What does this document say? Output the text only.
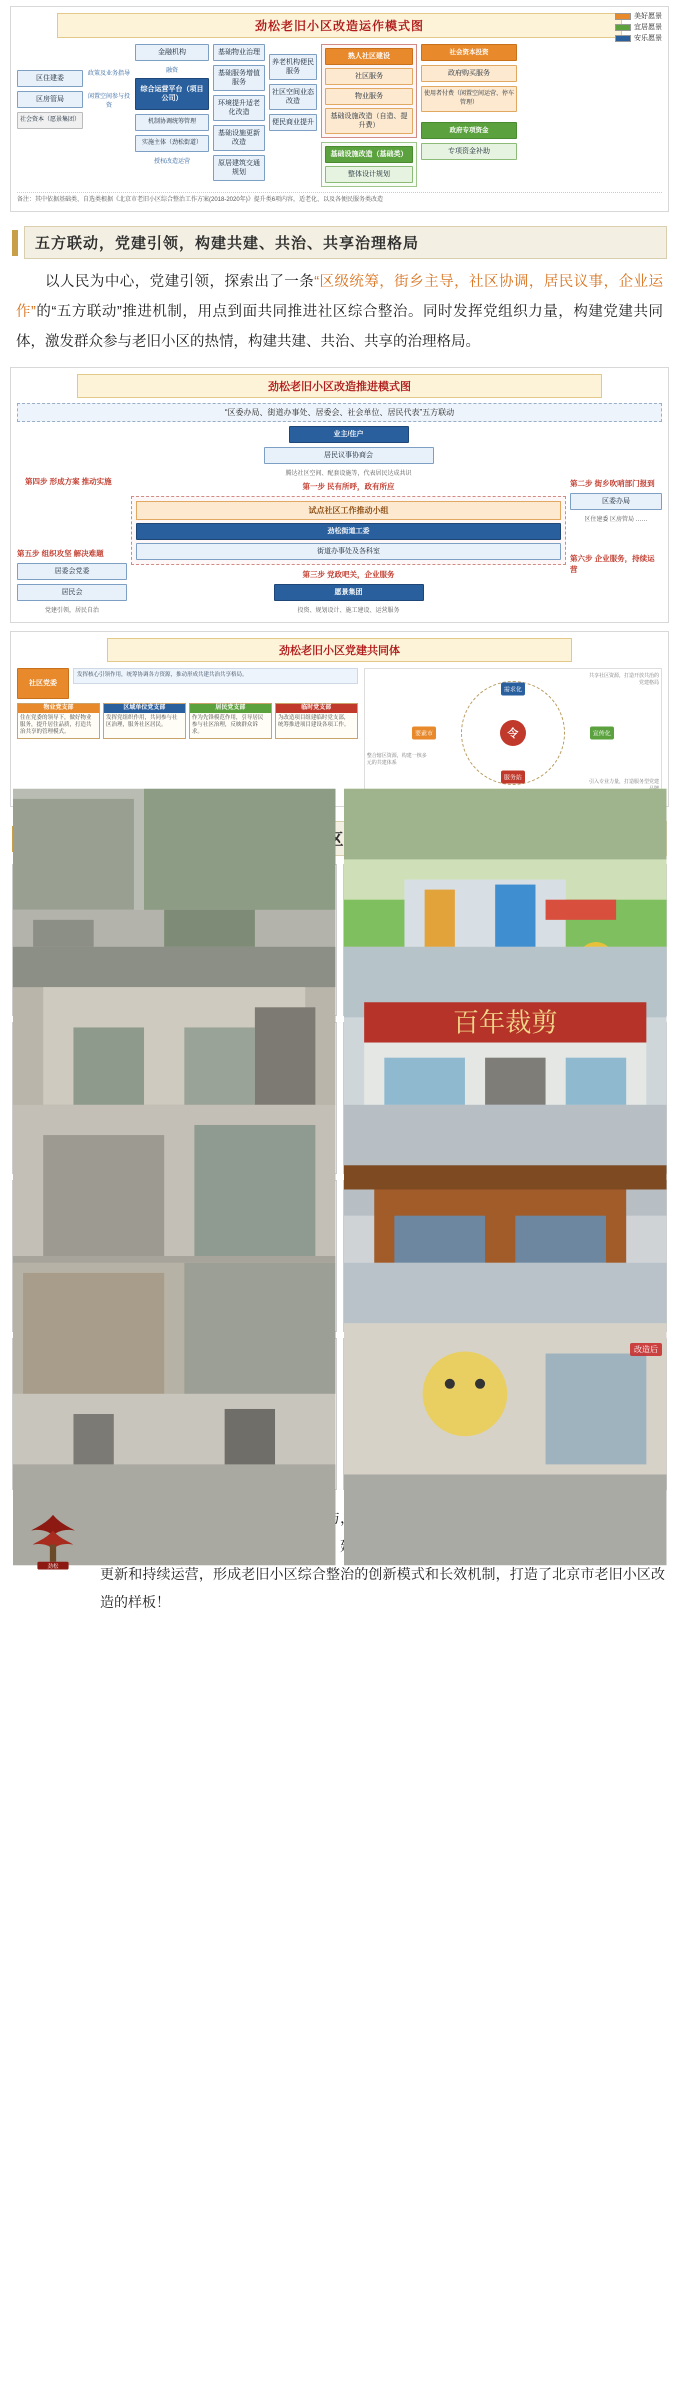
美好愿景
宜居愿景
安乐愿景
劲松老旧小区改造运作模式图
区住建委
区房管局
社会资本（愿景集团）
政策及业务指导
闲置空间参与投资
金融机构
融资
综合运营平台（项目公司）
机制协调统筹管理
实施主体（劲松街道）
授权改造运营
基础物业治理
基础服务增值服务
环境提升适老化改造
基础设施更新改造
原居建筑交通规划
养老机构便民服务
社区空间业态改造
便民商业提升
熟人社区建设
社区服务
物业服务
基础设施改造（自造、提升费）
基础设施改造（基础类）
整体设计规划
社会资本投资
政府购买服务
使用者付费（闲置空间运营、停车管理）
政府专项资金
专项资金补助
备注：其中依据基础类、自选类根据《北京市老旧小区综合整治工作方案(2018-2020年)》提升类6项内容，适老化、以及各便民服务类改造
五方联动，党建引领，构建共建、共治、共享治理格局
以人民为中心，党建引领，探索出了一条“区级统筹，街乡主导，社区协调，居民议事，企业运作”的“五方联动”推进机制，用点到面共同推进社区综合整治。同时发挥党组织力量，构建党建共同体，激发群众参与老旧小区的热情，构建共建、共治、共享的治理格局。
劲松老旧小区改造推进模式图
“区委办局、街道办事处、居委会、社会单位、居民代表”五方联动
第五步 组织攻坚 解决难题
居委会党委
居民会
党建引领，居民自治
业主/住户
居民议事协商会
腾达社区空间、配套设施等，代表居民达成共识
第一步 民有所呼，政有所应
试点社区工作推动小组
劲松街道工委
街道办事处及各科室
第三步 党政吧关，企业服务
愿景集团
投资、规划设计、施工建设、运营服务
第二步 街乡吹哨部门报到
区委办局
区住建委 区房管局 ……
第六步 企业服务，持续运营
第四步 形成方案 推动实施
劲松老旧小区党建共同体
社区党委
发挥核心引领作用，统筹协调各方资源，推动形成共建共治共享格局。
物业党支部
住在党委的领导下，做好物业服务，提升居住品质，打造共治共享的管理模式。
区域单位党支部
发挥党组织作用，共同参与社区治理，服务社区居民。
居民党支部
作为先锋模范作用，引导居民参与社区治理，反映群众诉求。
临时党支部
为改造项目组建临时党支部，统筹推进项目建设各项工作。
令
需求化
要素市	宣传化
服务站
共享社区资源，打造开放共治的党建格局
整合辖区资源，构建一核多元的共建体系
引入专业力量，打造服务型党建
百年裁剪
改造后
劲松
参与，创 ，建 更新和持续运营，形成老旧小区综合整治的创新模式和长效机制，打造了北京市老旧小区改造的样板！
